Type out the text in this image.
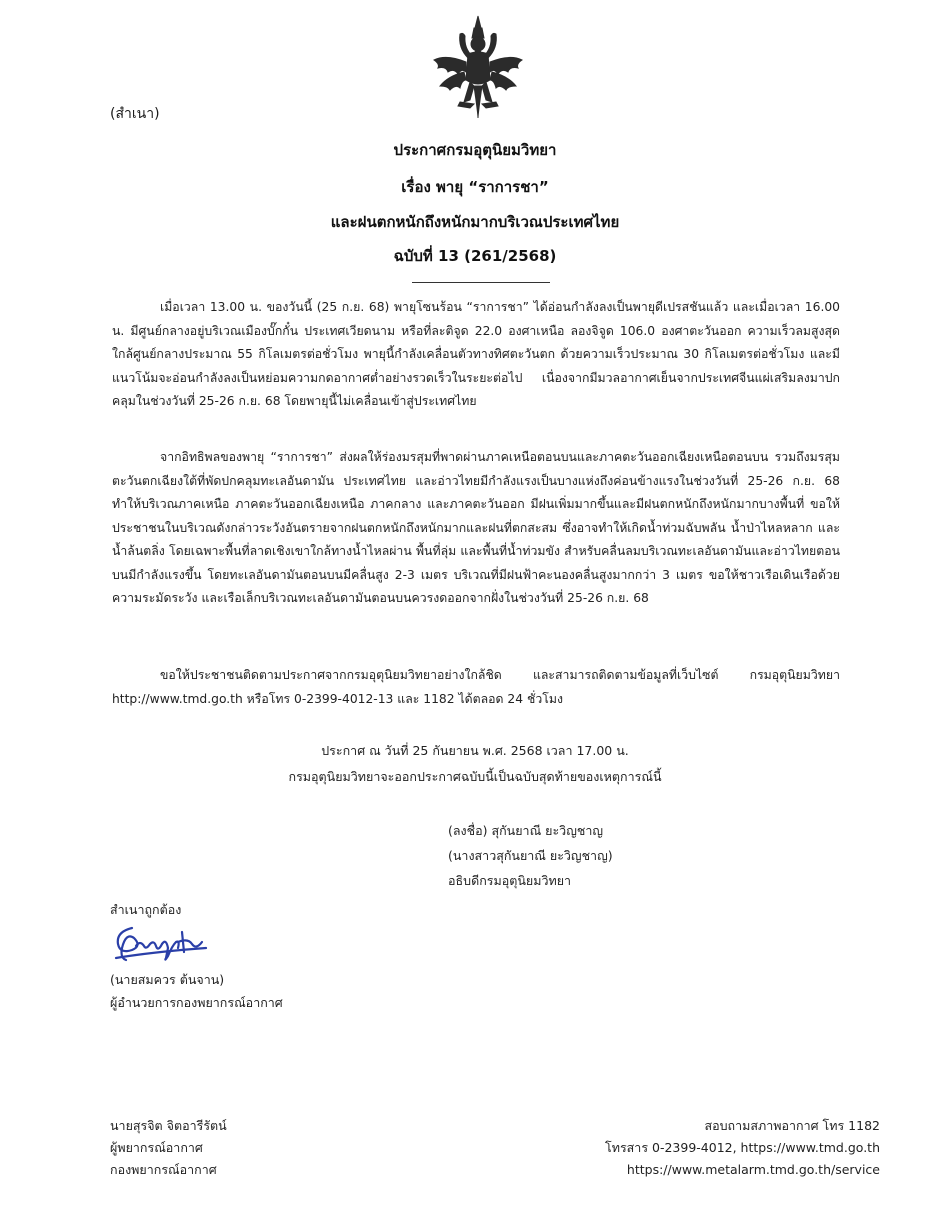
(สำเนา)
ประกาศกรมอุตุนิยมวิทยา
เรื่อง พายุ “ราการชา”
และฝนตกหนักถึงหนักมากบริเวณประเทศไทย
ฉบับที่ 13 (261/2568)
เมื่อเวลา 13.00 น. ของวันนี้ (25 ก.ย. 68) พายุโซนร้อน “ราการชา” ได้อ่อนกำลังลงเป็นพายุดีเปรสชันแล้ว และเมื่อเวลา 16.00 น. มีศูนย์กลางอยู่บริเวณเมืองบั๊กกั๋น ประเทศเวียดนาม หรือที่ละติจูด 22.0 องศาเหนือ ลองจิจูด 106.0 องศาตะวันออก ความเร็วลมสูงสุดใกล้ศูนย์กลางประมาณ 55 กิโลเมตรต่อชั่วโมง พายุนี้กำลังเคลื่อนตัวทางทิศตะวันตก ด้วยความเร็วประมาณ 30 กิโลเมตรต่อชั่วโมง และมีแนวโน้มจะอ่อนกำลังลงเป็นหย่อมความกดอากาศต่ำอย่างรวดเร็วในระยะต่อไป เนื่องจากมีมวลอากาศเย็นจากประเทศจีนแผ่เสริมลงมาปกคลุมในช่วงวันที่ 25-26 ก.ย. 68 โดยพายุนี้ไม่เคลื่อนเข้าสู่ประเทศไทย
จากอิทธิพลของพายุ “ราการชา” ส่งผลให้ร่องมรสุมที่พาดผ่านภาคเหนือตอนบนและภาคตะวันออกเฉียงเหนือตอนบน รวมถึงมรสุมตะวันตกเฉียงใต้ที่พัดปกคลุมทะเลอันดามัน ประเทศไทย และอ่าวไทยมีกำลังแรงเป็นบางแห่งถึงค่อนข้างแรงในช่วงวันที่ 25-26 ก.ย. 68 ทำให้บริเวณภาคเหนือ ภาคตะวันออกเฉียงเหนือ ภาคกลาง และภาคตะวันออก มีฝนเพิ่มมากขึ้นและมีฝนตกหนักถึงหนักมากบางพื้นที่ ขอให้ประชาชนในบริเวณดังกล่าวระวังอันตรายจากฝนตกหนักถึงหนักมากและฝนที่ตกสะสม ซึ่งอาจทำให้เกิดน้ำท่วมฉับพลัน น้ำป่าไหลหลาก และน้ำล้นตลิ่ง โดยเฉพาะพื้นที่ลาดเชิงเขาใกล้ทางน้ำไหลผ่าน พื้นที่ลุ่ม และพื้นที่น้ำท่วมขัง สำหรับคลื่นลมบริเวณทะเลอันดามันและอ่าวไทยตอนบนมีกำลังแรงขึ้น โดยทะเลอันดามันตอนบนมีคลื่นสูง 2-3 เมตร บริเวณที่มีฝนฟ้าคะนองคลื่นสูงมากกว่า 3 เมตร ขอให้ชาวเรือเดินเรือด้วยความระมัดระวัง และเรือเล็กบริเวณทะเลอันดามันตอนบนควรงดออกจากฝั่งในช่วงวันที่ 25-26 ก.ย. 68
ขอให้ประชาชนติดตามประกาศจากกรมอุตุนิยมวิทยาอย่างใกล้ชิด และสามารถติดตามข้อมูลที่เว็บไซต์ กรมอุตุนิยมวิทยา http://www.tmd.go.th หรือโทร 0-2399-4012-13 และ 1182 ได้ตลอด 24 ชั่วโมง
ประกาศ ณ วันที่ 25 กันยายน พ.ศ. 2568 เวลา 17.00 น.
กรมอุตุนิยมวิทยาจะออกประกาศฉบับนี้เป็นฉบับสุดท้ายของเหตุการณ์นี้
(ลงชื่อ) สุกันยาณี ยะวิญชาญ
(นางสาวสุกันยาณี ยะวิญชาญ)
อธิบดีกรมอุตุนิยมวิทยา
สำเนาถูกต้อง
(นายสมควร ต้นจาน)
ผู้อำนวยการกองพยากรณ์อากาศ
นายสุรจิต จิตอารีรัตน์
ผู้พยากรณ์อากาศ
กองพยากรณ์อากาศ
สอบถามสภาพอากาศ โทร 1182
โทรสาร 0-2399-4012, https://www.tmd.go.th
https://www.metalarm.tmd.go.th/service
